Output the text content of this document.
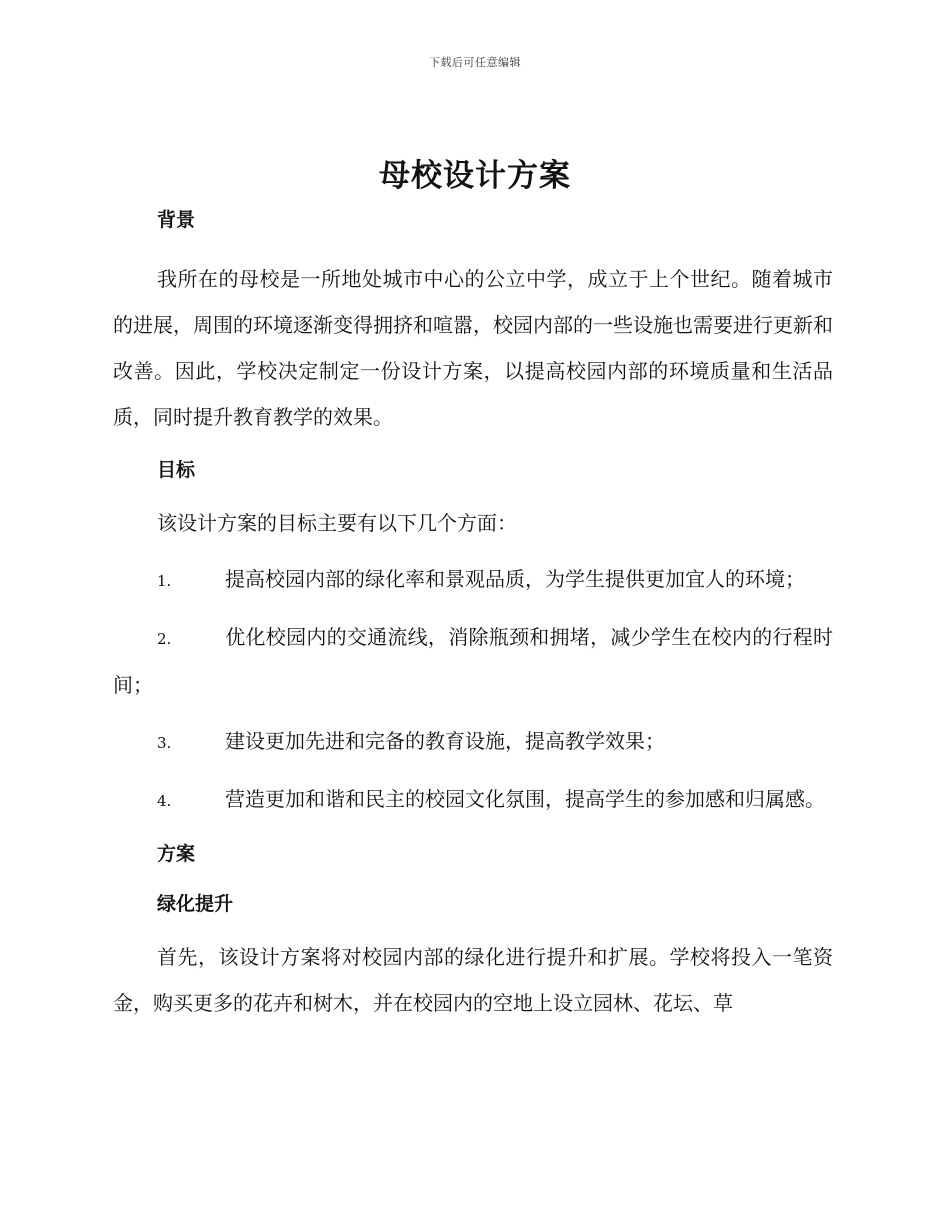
下载后可任意编辑
母校设计方案
背景

我所在的母校是一所地处城市中心的公立中学，成立于上个世纪。随着城市的进展，周围的环境逐渐变得拥挤和喧嚣，校园内部的一些设施也需要进行更新和改善。因此，学校决定制定一份设计方案，以提高校园内部的环境质量和生活品质，同时提升教育教学的效果。

目标

该设计方案的目标主要有以下几个方面：

1.	提高校园内部的绿化率和景观品质，为学生提供更加宜人的环境；

2.	优化校园内的交通流线，消除瓶颈和拥堵，减少学生在校内的行程时间；

3.	建设更加先进和完备的教育设施，提高教学效果；

4.	营造更加和谐和民主的校园文化氛围，提高学生的参加感和归属感。

方案
绿化提升

首先，该设计方案将对校园内部的绿化进行提升和扩展。学校将投入一笔资金，购买更多的花卉和树木，并在校园内的空地上设立园林、花坛、草
